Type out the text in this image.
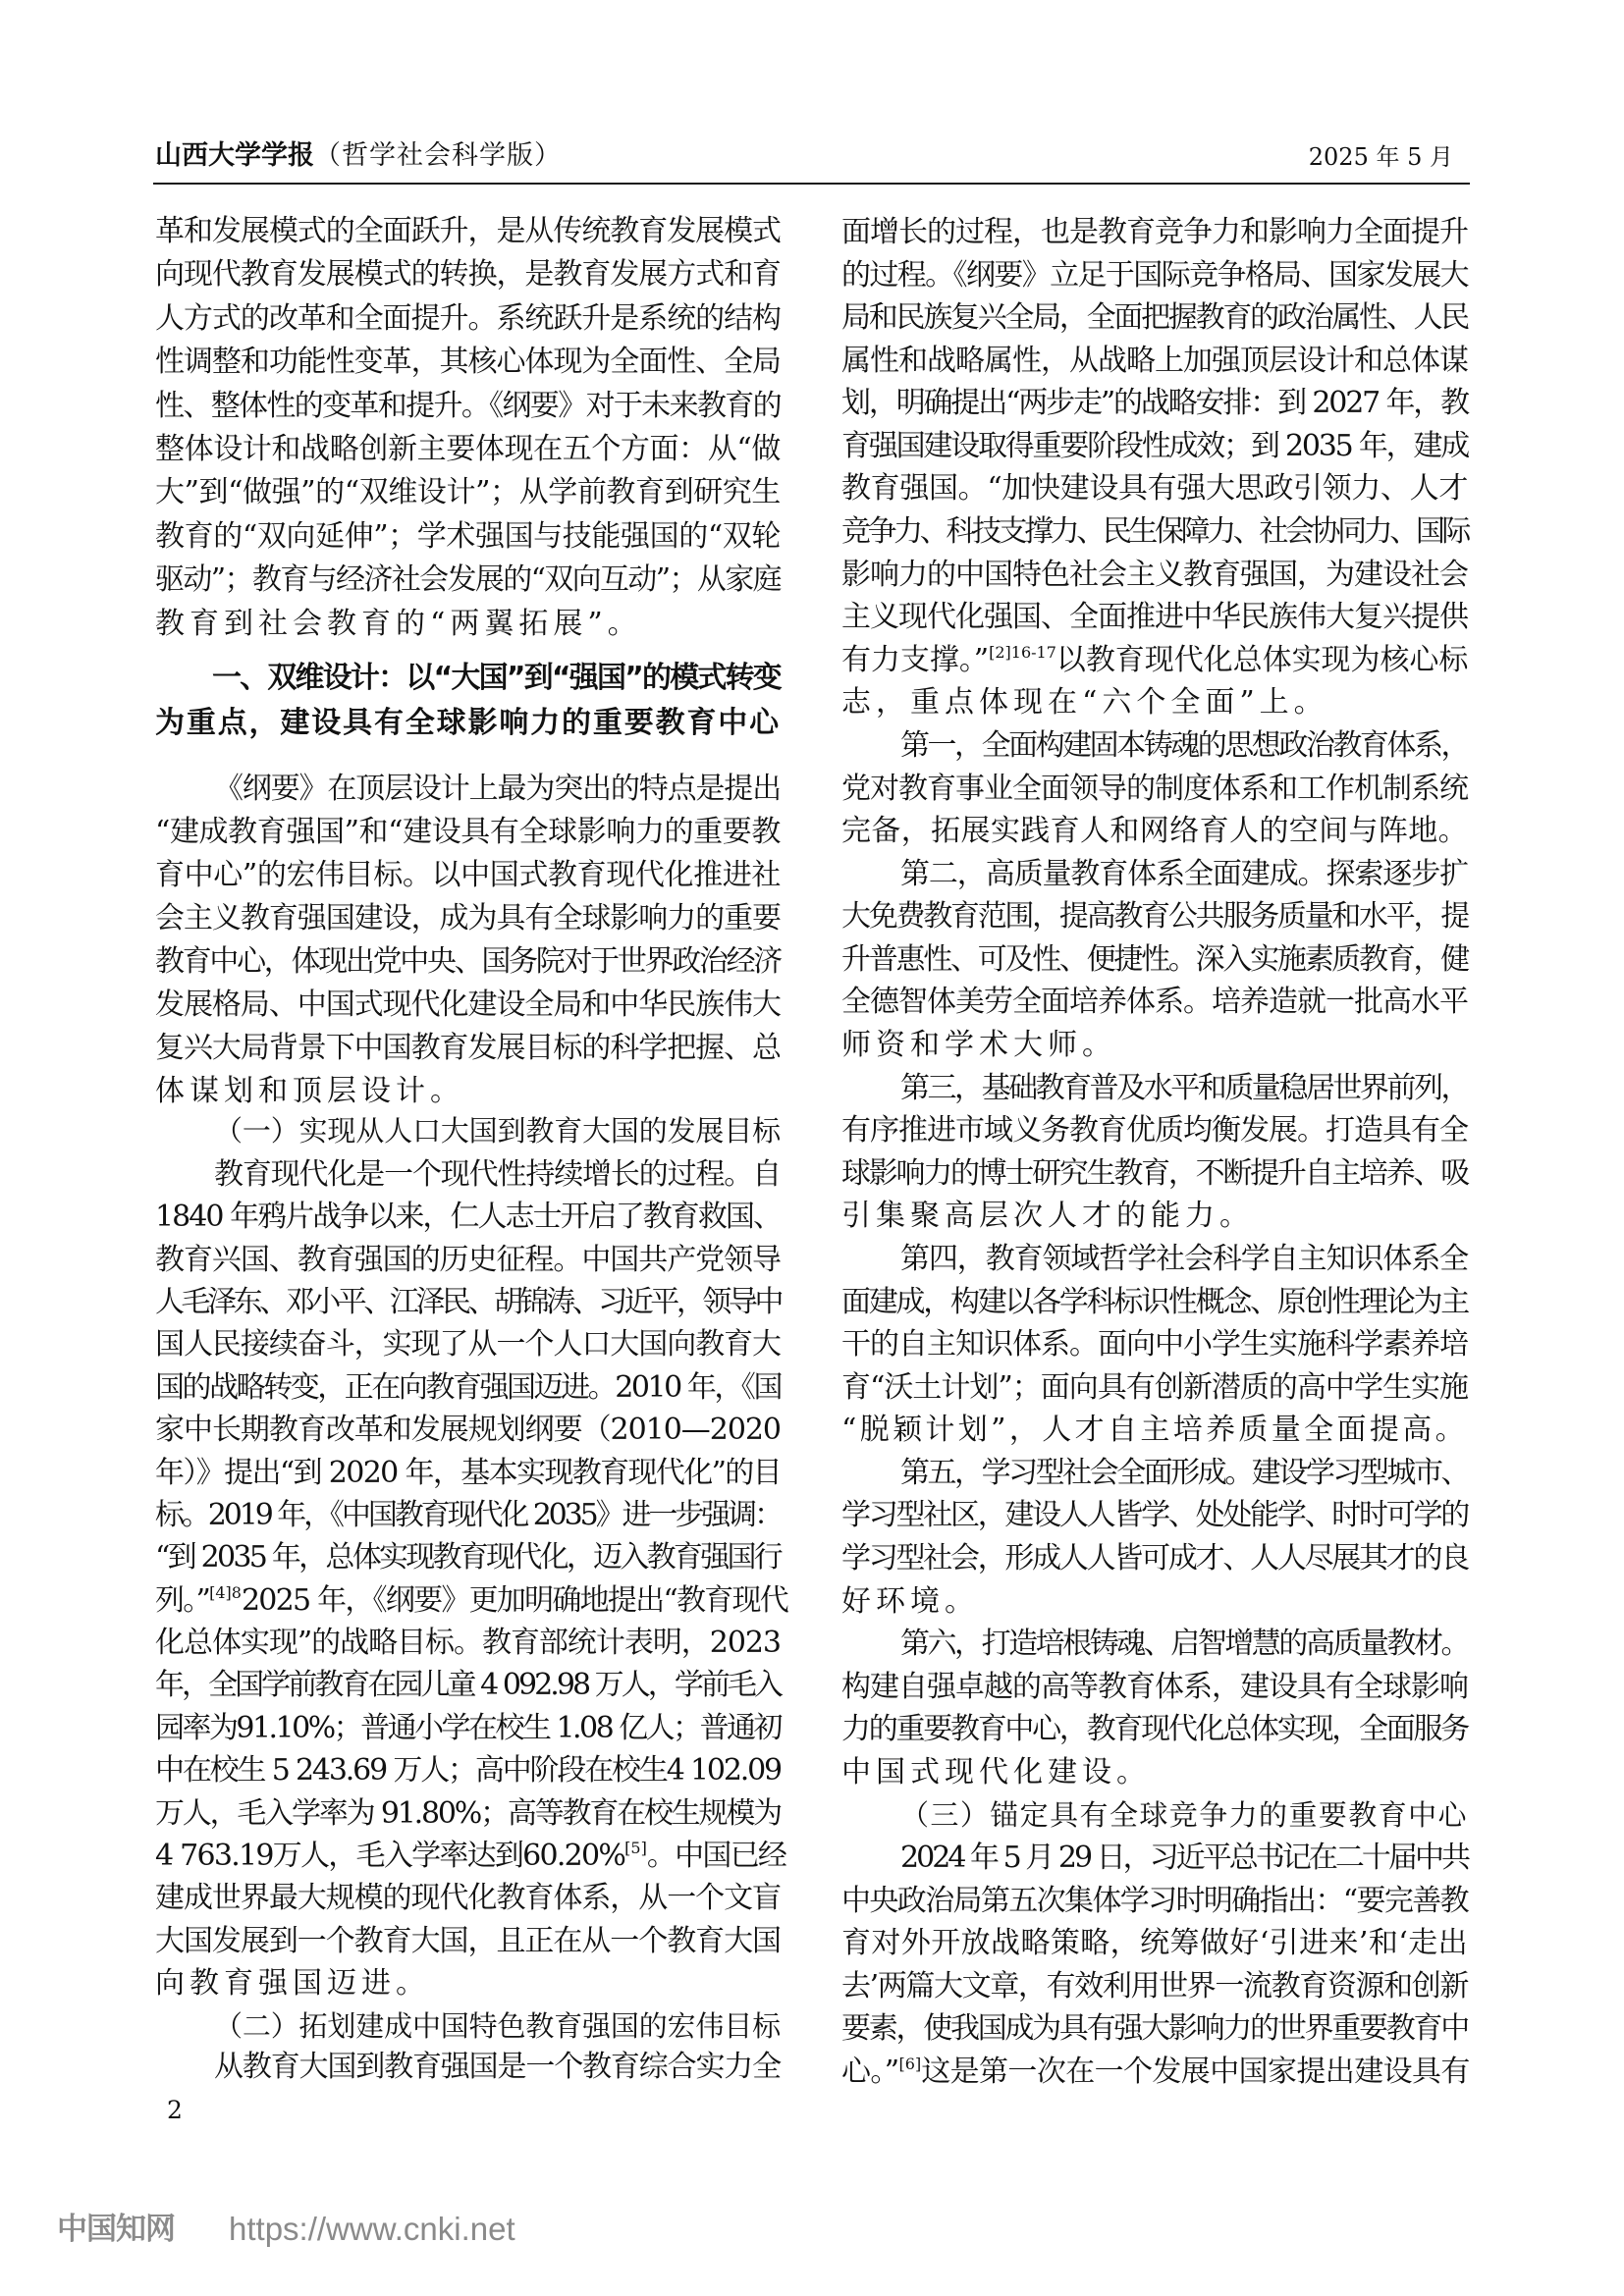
山西大学学报（哲学社会科学版）	2025 年 5 月
革和发展模式的全面跃升，是从传统教育发展模式
向现代教育发展模式的转换，是教育发展方式和育
人方式的改革和全面提升。系统跃升是系统的结构
性调整和功能性变革，其核心体现为全面性、全局
性、整体性的变革和提升。《纲要》对于未来教育的
整体设计和战略创新主要体现在五个方面：从“做
大”到“做强”的“双维设计”；从学前教育到研究生
教育的“双向延伸”；学术强国与技能强国的“双轮
驱动”；教育与经济社会发展的“双向互动”；从家庭
教育到社会教育的“两翼拓展”。
一、双维设计：以“大国”到“强国”的模式转变
为重点，建设具有全球影响力的重要教育中心
《纲要》在顶层设计上最为突出的特点是提出
“建成教育强国”和“建设具有全球影响力的重要教
育中心”的宏伟目标。以中国式教育现代化推进社
会主义教育强国建设，成为具有全球影响力的重要
教育中心，体现出党中央、国务院对于世界政治经济
发展格局、中国式现代化建设全局和中华民族伟大
复兴大局背景下中国教育发展目标的科学把握、总
体谋划和顶层设计。
（一）实现从人口大国到教育大国的发展目标
教育现代化是一个现代性持续增长的过程。自
1840 年鸦片战争以来，仁人志士开启了教育救国、
教育兴国、教育强国的历史征程。中国共产党领导
人毛泽东、邓小平、江泽民、胡锦涛、习近平，领导中
国人民接续奋斗，实现了从一个人口大国向教育大
国的战略转变，正在向教育强国迈进。2010 年，《国
家中长期教育改革和发展规划纲要（2010—2020
年）》提出“到 2020 年，基本实现教育现代化”的目
标。2019 年，《中国教育现代化 2035》进一步强调：
“到 2035 年，总体实现教育现代化，迈入教育强国行
列。”$^{[4]8}$2025 年，《纲要》更加明确地提出“教育现代
化总体实现”的战略目标。教育部统计表明，2023
年，全国学前教育在园儿童 4 092.98 万人，学前毛入
园率为91.10%；普通小学在校生 1.08 亿人；普通初
中在校生 5 243.69 万人；高中阶段在校生4 102.09
万人，毛入学率为 91.80%；高等教育在校生规模为
4 763.19万人，毛入学率达到60.20%[5]。中国已经
建成世界最大规模的现代化教育体系，从一个文盲
大国发展到一个教育大国，且正在从一个教育大国
向教育强国迈进。
（二）拓划建成中国特色教育强国的宏伟目标
从教育大国到教育强国是一个教育综合实力全
面增长的过程，也是教育竞争力和影响力全面提升
的过程。《纲要》立足于国际竞争格局、国家发展大
局和民族复兴全局，全面把握教育的政治属性、人民
属性和战略属性，从战略上加强顶层设计和总体谋
划，明确提出“两步走”的战略安排：到 2027 年，教
育强国建设取得重要阶段性成效；到 2035 年，建成
教育强国。“加快建设具有强大思政引领力、人才
竞争力、科技支撑力、民生保障力、社会协同力、国际
影响力的中国特色社会主义教育强国，为建设社会
主义现代化强国、全面推进中华民族伟大复兴提供
有力支撑。”$^{[2]16-17}$以教育现代化总体实现为核心标
志，重点体现在“六个全面”上。
第一，全面构建固本铸魂的思想政治教育体系，
党对教育事业全面领导的制度体系和工作机制系统
完备，拓展实践育人和网络育人的空间与阵地。
第二，高质量教育体系全面建成。探索逐步扩
大免费教育范围，提高教育公共服务质量和水平，提
升普惠性、可及性、便捷性。深入实施素质教育，健
全德智体美劳全面培养体系。培养造就一批高水平
师资和学术大师。
第三，基础教育普及水平和质量稳居世界前列，
有序推进市域义务教育优质均衡发展。打造具有全
球影响力的博士研究生教育，不断提升自主培养、吸
引集聚高层次人才的能力。
第四，教育领域哲学社会科学自主知识体系全
面建成，构建以各学科标识性概念、原创性理论为主
干的自主知识体系。面向中小学生实施科学素养培
育“沃土计划”；面向具有创新潜质的高中学生实施
“脱颖计划”，人才自主培养质量全面提高。
第五，学习型社会全面形成。建设学习型城市、
学习型社区，建设人人皆学、处处能学、时时可学的
学习型社会，形成人人皆可成才、人人尽展其才的良
好环境。
第六，打造培根铸魂、启智增慧的高质量教材。
构建自强卓越的高等教育体系，建设具有全球影响
力的重要教育中心，教育现代化总体实现，全面服务
中国式现代化建设。
（三）锚定具有全球竞争力的重要教育中心
2024 年 5 月 29 日，习近平总书记在二十届中共
中央政治局第五次集体学习时明确指出：“要完善教
育对外开放战略策略，统筹做好‘引进来’和‘走出
去’两篇大文章，有效利用世界一流教育资源和创新
要素，使我国成为具有强大影响力的世界重要教育中
心。”[6]这是第一次在一个发展中国家提出建设具有
2
中国知网 https://www.cnki.net
